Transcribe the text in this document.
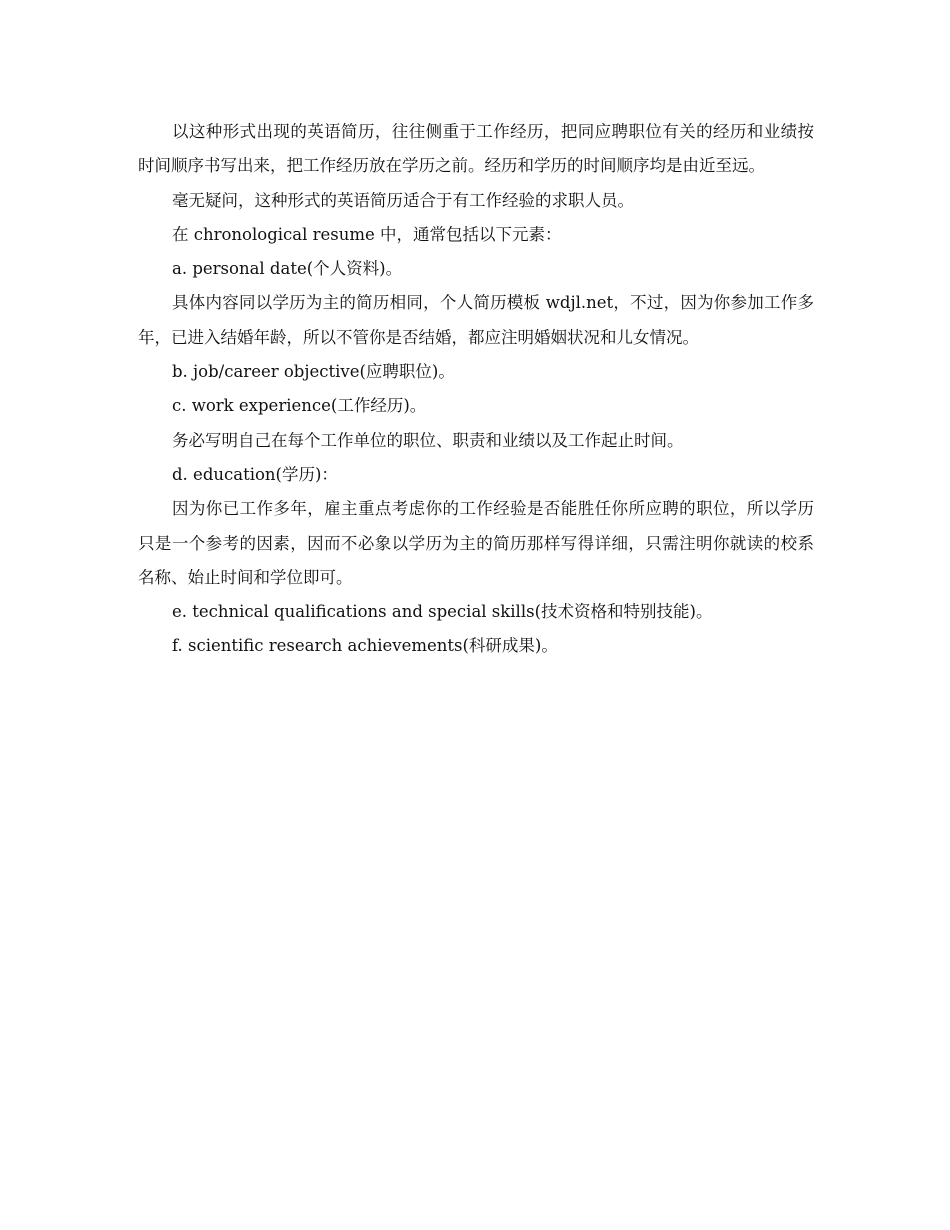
以这种形式出现的英语简历，往往侧重于工作经历，把同应聘职位有关的经历和业绩按时间顺序书写出来，把工作经历放在学历之前。经历和学历的时间顺序均是由近至远。

毫无疑问，这种形式的英语简历适合于有工作经验的求职人员。

在 chronological resume 中，通常包括以下元素：

a. personal date(个人资料)。

具体内容同以学历为主的简历相同，个人简历模板 wdjl.net，不过，因为你参加工作多年，已进入结婚年龄，所以不管你是否结婚，都应注明婚姻状况和儿女情况。

b. job/career objective(应聘职位)。

c. work experience(工作经历)。

务必写明自己在每个工作单位的职位、职责和业绩以及工作起止时间。

d. education(学历)：

因为你已工作多年，雇主重点考虑你的工作经验是否能胜任你所应聘的职位，所以学历只是一个参考的因素，因而不必象以学历为主的简历那样写得详细，只需注明你就读的校系名称、始止时间和学位即可。

e. technical qualifications and special skills(技术资格和特别技能)。

f. scientific research achievements(科研成果)。
